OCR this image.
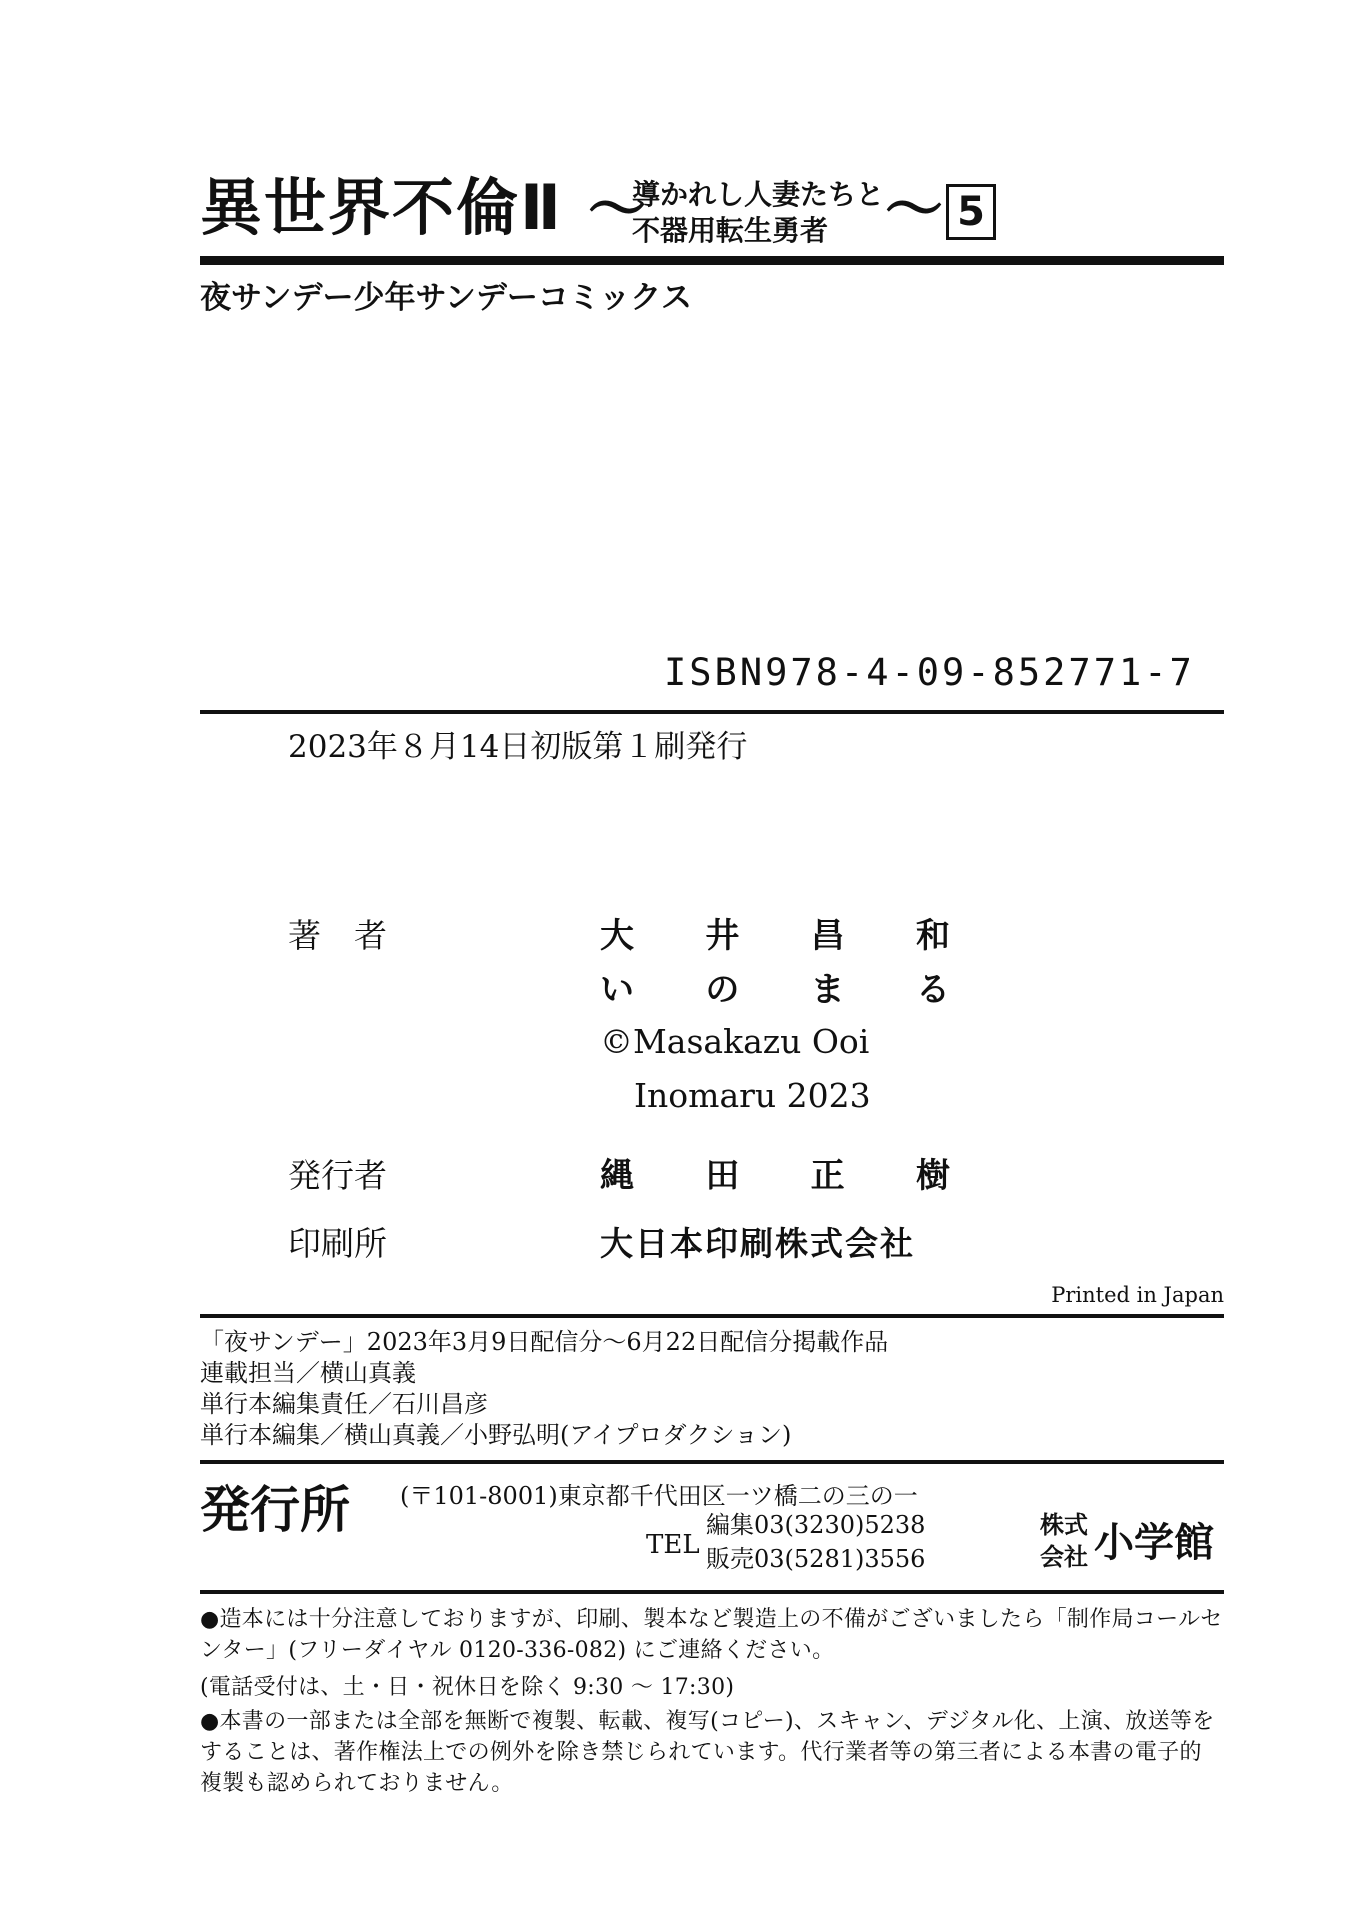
異世界不倫Ⅱ 〜
導かれし人妻たちと
不器用転生勇者 〜 5
夜サンデー少年サンデーコミックス
ISBN978-4-09-852771-7
2023年８月14日初版第１刷発行
著　者	大 井 昌 和
い の ま る
©Masakazu Ooi
Inomaru 2023
発行者	縄 田 正 樹
印刷所	大日本印刷株式会社
Printed in Japan
「夜サンデー」2023年3月9日配信分〜6月22日配信分掲載作品
連載担当／横山真義
単行本編集責任／石川昌彦
単行本編集／横山真義／小野弘明(アイプロダクション)
発行所 (〒101-8001)東京都千代田区一ツ橋二の三の一
TEL
編集03(3230)5238
販売03(5281)3556
株式
会社 小学館
●造本には十分注意しておりますが、印刷、製本など製造上の不備がございましたら「制作局コールセンター」(フリーダイヤル 0120-336-082) にご連絡ください。
(電話受付は、土・日・祝休日を除く 9:30 〜 17:30)
●本書の一部または全部を無断で複製、転載、複写(コピー)、スキャン、デジタル化、上演、放送等をすることは、著作権法上での例外を除き禁じられています。代行業者等の第三者による本書の電子的複製も認められておりません。
